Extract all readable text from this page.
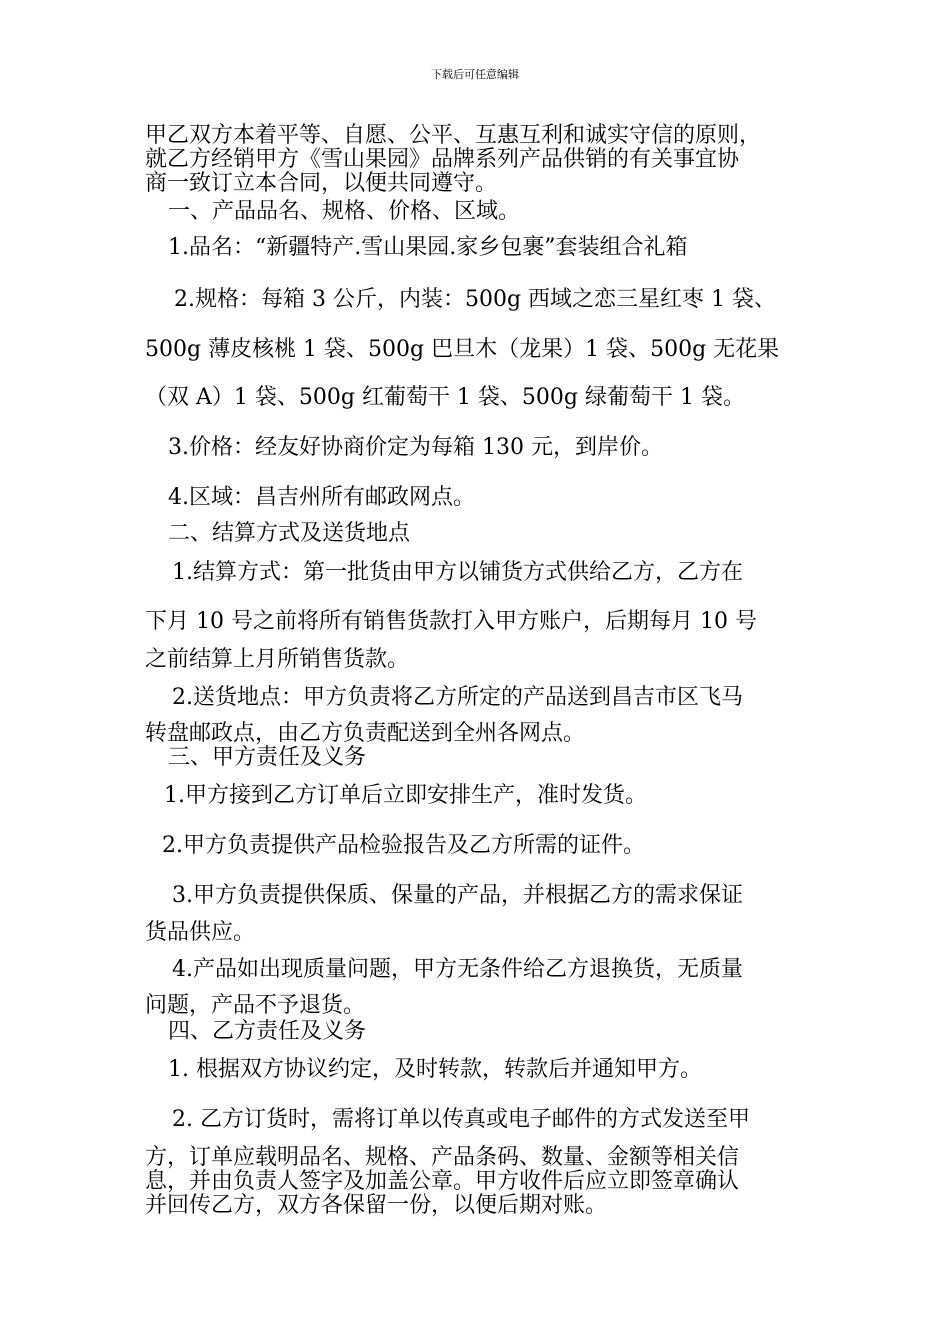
下载后可任意编辑
甲乙双方本着平等、自愿、公平、互惠互利和诚实守信的原则，
就乙方经销甲方《雪山果园》品牌系列产品供销的有关事宜协
商一致订立本合同，以便共同遵守。
一、产品品名、规格、价格、区域。
1.品名：“新疆特产.雪山果园.家乡包裹”套装组合礼箱
2.规格：每箱 3 公斤，内装：500g 西域之恋三星红枣 1 袋、
500g 薄皮核桃 1 袋、500g 巴旦木（龙果）1 袋、500g 无花果
（双 A）1 袋、500g 红葡萄干 1 袋、500g 绿葡萄干 1 袋。
3.价格：经友好协商价定为每箱 130 元，到岸价。
4.区域：昌吉州所有邮政网点。
二、结算方式及送货地点
1.结算方式：第一批货由甲方以铺货方式供给乙方，乙方在
下月 10 号之前将所有销售货款打入甲方账户，后期每月 10 号
之前结算上月所销售货款。
2.送货地点：甲方负责将乙方所定的产品送到昌吉市区飞马
转盘邮政点，由乙方负责配送到全州各网点。
三、甲方责任及义务
1.甲方接到乙方订单后立即安排生产，准时发货。
2.甲方负责提供产品检验报告及乙方所需的证件。
3.甲方负责提供保质、保量的产品，并根据乙方的需求保证
货品供应。
4.产品如出现质量问题，甲方无条件给乙方退换货，无质量
问题，产品不予退货。
四、乙方责任及义务
1. 根据双方协议约定，及时转款，转款后并通知甲方。
2. 乙方订货时，需将订单以传真或电子邮件的方式发送至甲
方，订单应载明品名、规格、产品条码、数量、金额等相关信
息，并由负责人签字及加盖公章。甲方收件后应立即签章确认
并回传乙方，双方各保留一份，以便后期对账。
